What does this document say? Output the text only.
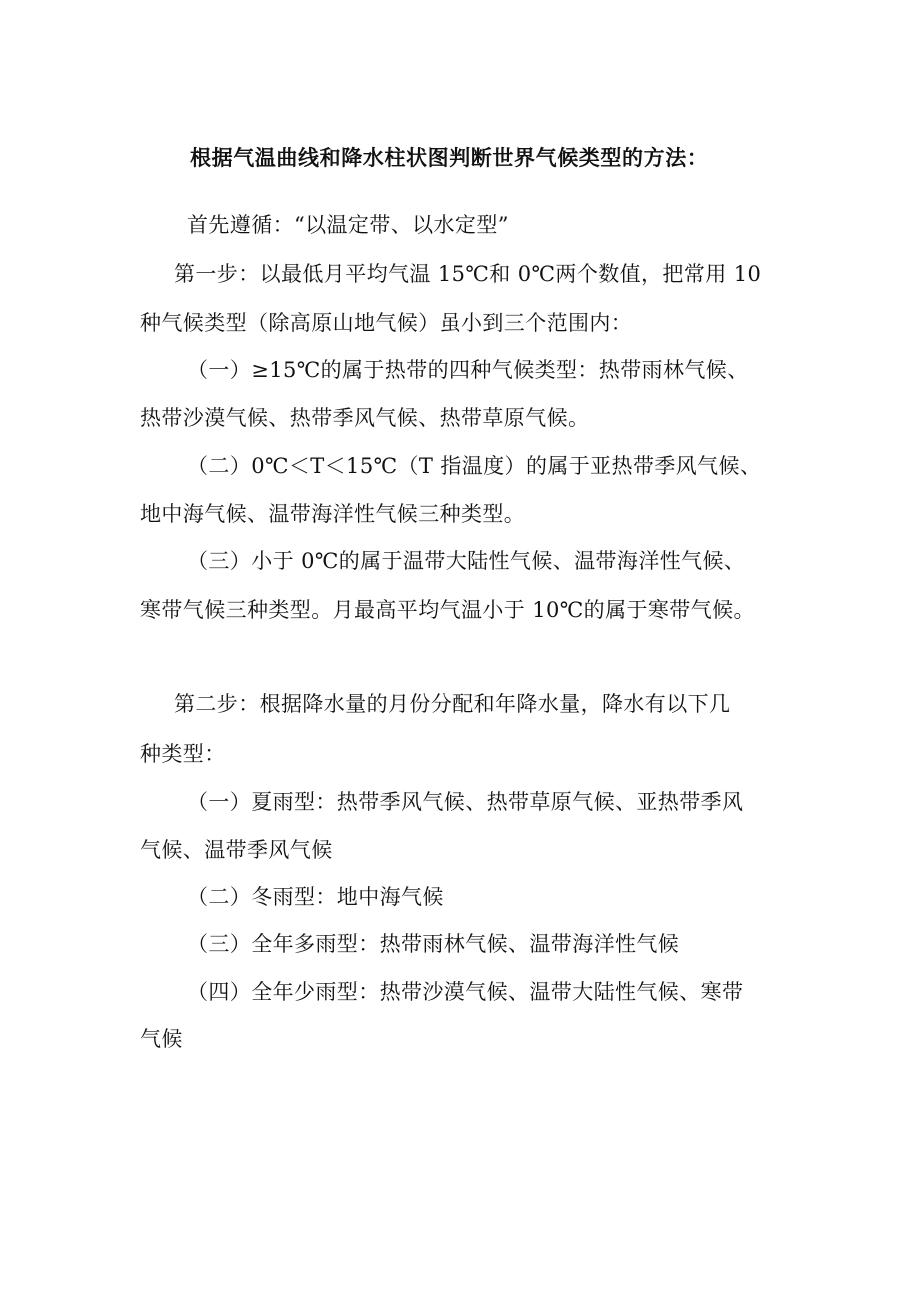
根据气温曲线和降水柱状图判断世界气候类型的方法：
首先遵循：“以温定带、以水定型”
第一步：以最低月平均气温 15℃和 0℃两个数值，把常用 10
种气候类型（除高原山地气候）虽小到三个范围内：
（一）≥15℃的属于热带的四种气候类型：热带雨林气候、
热带沙漠气候、热带季风气候、热带草原气候。
（二）0℃＜T＜15℃（T 指温度）的属于亚热带季风气候、
地中海气候、温带海洋性气候三种类型。
（三）小于 0℃的属于温带大陆性气候、温带海洋性气候、
寒带气候三种类型。月最高平均气温小于 10℃的属于寒带气候。
第二步：根据降水量的月份分配和年降水量，降水有以下几
种类型：
（一）夏雨型：热带季风气候、热带草原气候、亚热带季风
气候、温带季风气候
（二）冬雨型：地中海气候
（三）全年多雨型：热带雨林气候、温带海洋性气候
（四）全年少雨型：热带沙漠气候、温带大陆性气候、寒带
气候
